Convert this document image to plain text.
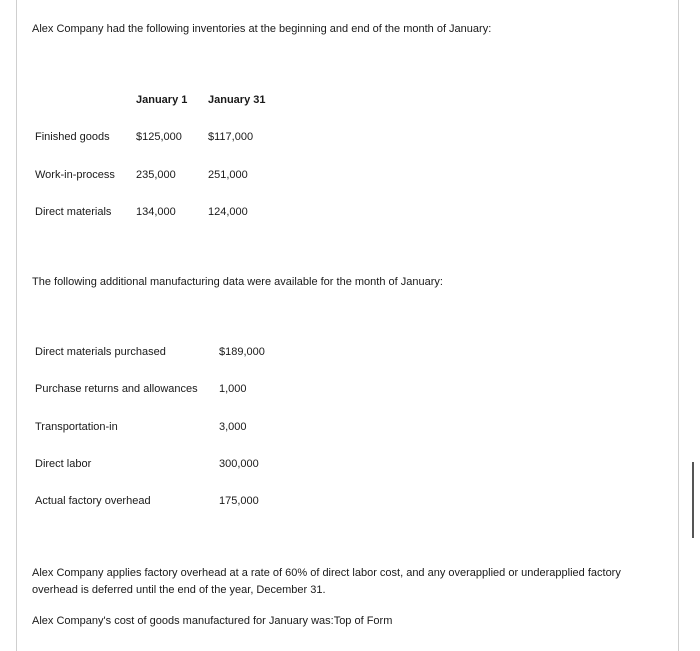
Alex Company had the following inventories at the beginning and end of the month of January:
January 1 January 31
Finished goods $125,000 $117,000
Work-in-process 235,000	251,000
Direct materials 134,000	124,000
The following additional manufacturing data were available for the month of January:
Direct materials purchased	$189,000
Purchase returns and allowances 1,000
Transportation-in	3,000
Direct labor	300,000
Actual factory overhead	175,000
Alex Company applies factory overhead at a rate of 60% of direct labor cost, and any overapplied or underapplied factory overhead is deferred until the end of the year, December 31.
Alex Company's cost of goods manufactured for January was:Top of Form
